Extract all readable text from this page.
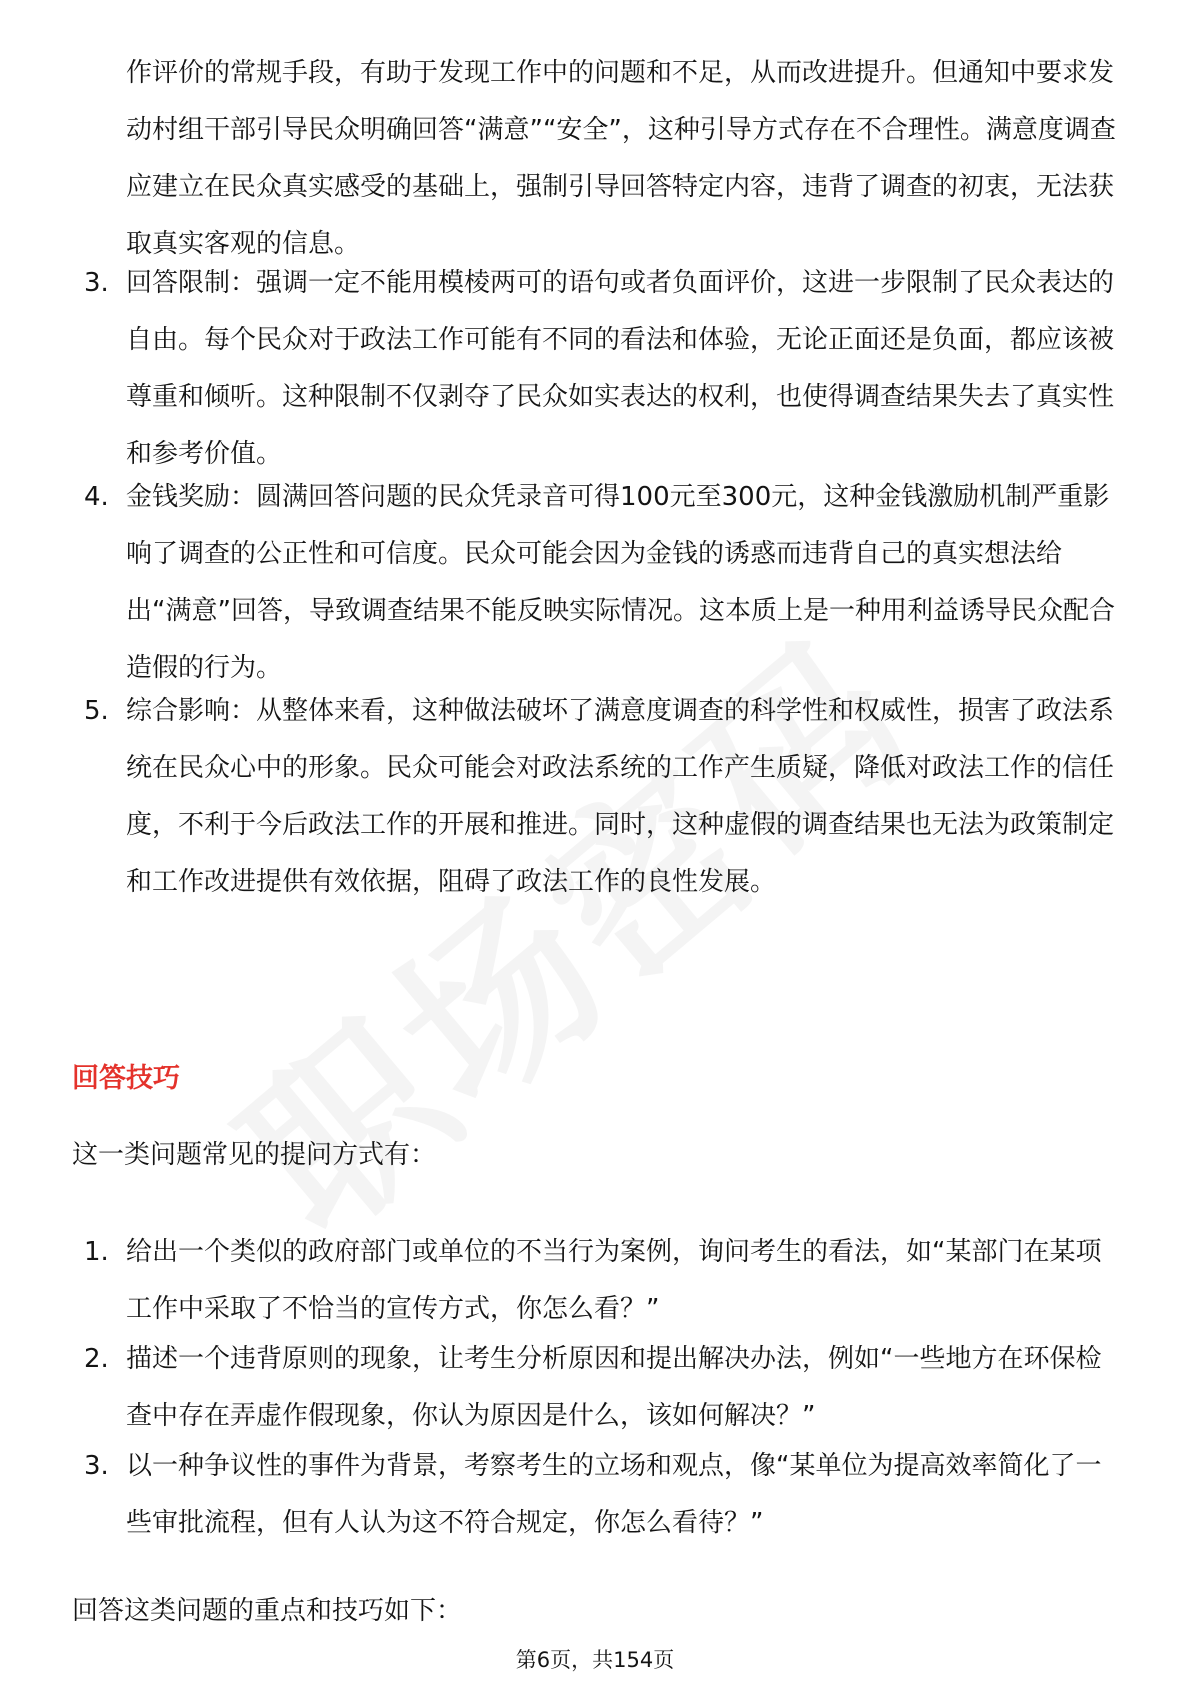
作评价的常规手段，有助于发现工作中的问题和不足，从而改进提升。但通知中要求发动村组干部引导民众明确回答“满意”“安全”，这种引导方式存在不合理性。满意度调查应建立在民众真实感受的基础上，强制引导回答特定内容，违背了调查的初衷，无法获取真实客观的信息。
3. 回答限制：强调一定不能用模棱两可的语句或者负面评价，这进一步限制了民众表达的自由。每个民众对于政法工作可能有不同的看法和体验，无论正面还是负面，都应该被尊重和倾听。这种限制不仅剥夺了民众如实表达的权利，也使得调查结果失去了真实性和参考价值。
4. 金钱奖励：圆满回答问题的民众凭录音可得100元至300元，这种金钱激励机制严重影响了调查的公正性和可信度。民众可能会因为金钱的诱惑而违背自己的真实想法给出“满意”回答，导致调查结果不能反映实际情况。这本质上是一种用利益诱导民众配合造假的行为。
5. 综合影响：从整体来看，这种做法破坏了满意度调查的科学性和权威性，损害了政法系统在民众心中的形象。民众可能会对政法系统的工作产生质疑，降低对政法工作的信任度，不利于今后政法工作的开展和推进。同时，这种虚假的调查结果也无法为政策制定和工作改进提供有效依据，阻碍了政法工作的良性发展。
回答技巧
这一类问题常见的提问方式有：
1. 给出一个类似的政府部门或单位的不当行为案例，询问考生的看法，如“某部门在某项工作中采取了不恰当的宣传方式，你怎么看？”
2. 描述一个违背原则的现象，让考生分析原因和提出解决办法，例如“一些地方在环保检查中存在弄虚作假现象，你认为原因是什么，该如何解决？”
3. 以一种争议性的事件为背景，考察考生的立场和观点，像“某单位为提高效率简化了一些审批流程，但有人认为这不符合规定，你怎么看待？”
回答这类问题的重点和技巧如下：
第6页，共154页
